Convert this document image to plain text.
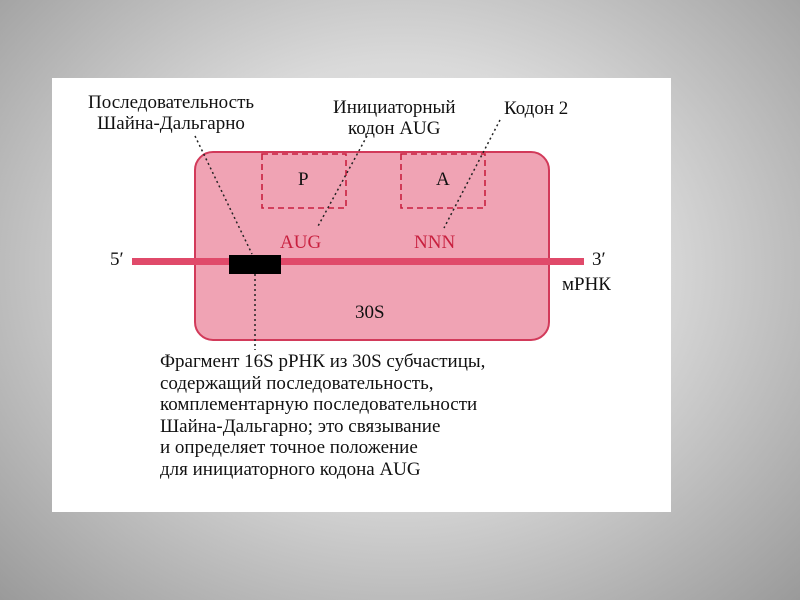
Последовательность
Шайна-Дальгарно
Инициаторный
кодон AUG
Кодон 2
P	A
AUG	NNN
5′	3′
мРНК
30S
Фрагмент 16S рРНК из 30S субчастицы,
содержащий последовательность,
комплементарную последовательности
Шайна-Дальгарно; это связывание
и определяет точное положение
для инициаторного кодона AUG
